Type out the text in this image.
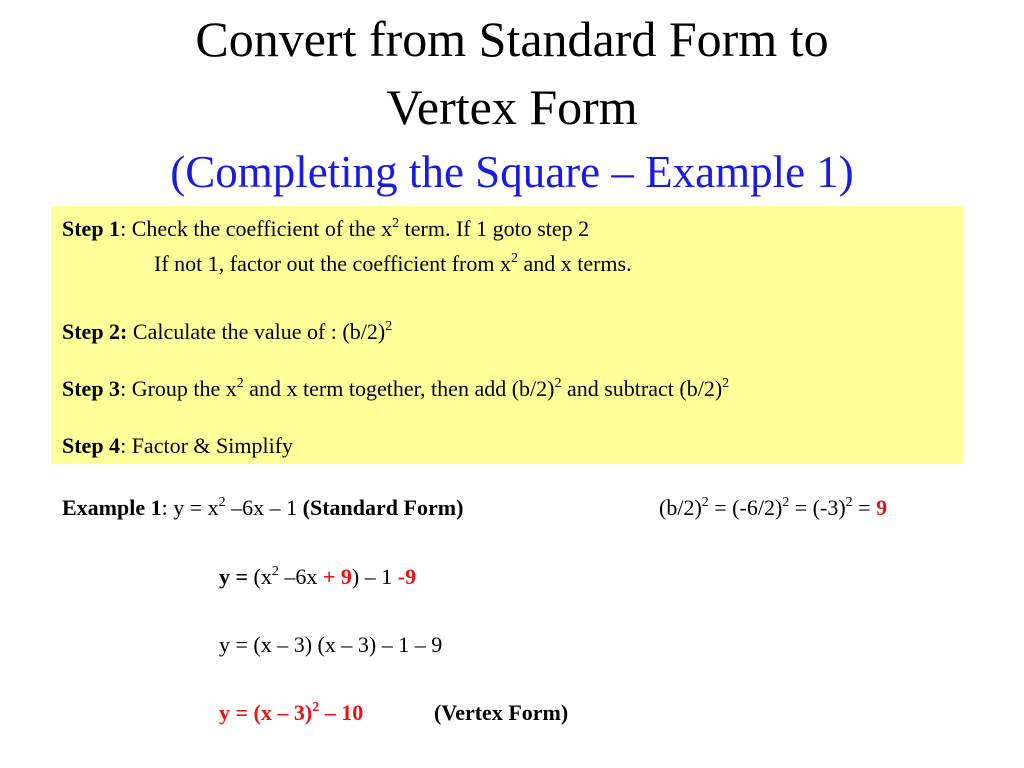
Convert from Standard Form to
Vertex Form
(Completing the Square – Example 1)
Step 1: Check the coefficient of the $x^2$ term. If 1 goto step 2
If not 1, factor out the coefficient from $x^2$ and x terms.
Step 2: Calculate the value of : $(b/2)^2$
Step 3: Group the $x^2$ and x term together, then add $(b/2)^2$ and subtract $(b/2)^2$
Step 4: Factor & Simplify
Example 1: $y = x^2$ –6x – 1 (Standard Form)	$(b/2)^2 = (-6/2)^2 = (-3)^2 = 9$
$y = (x^2$ –6x + 9) – 1 -9
y = (x – 3) (x – 3) – 1 – 9
y = (x – 3)$^2$ – 10	(Vertex Form)
